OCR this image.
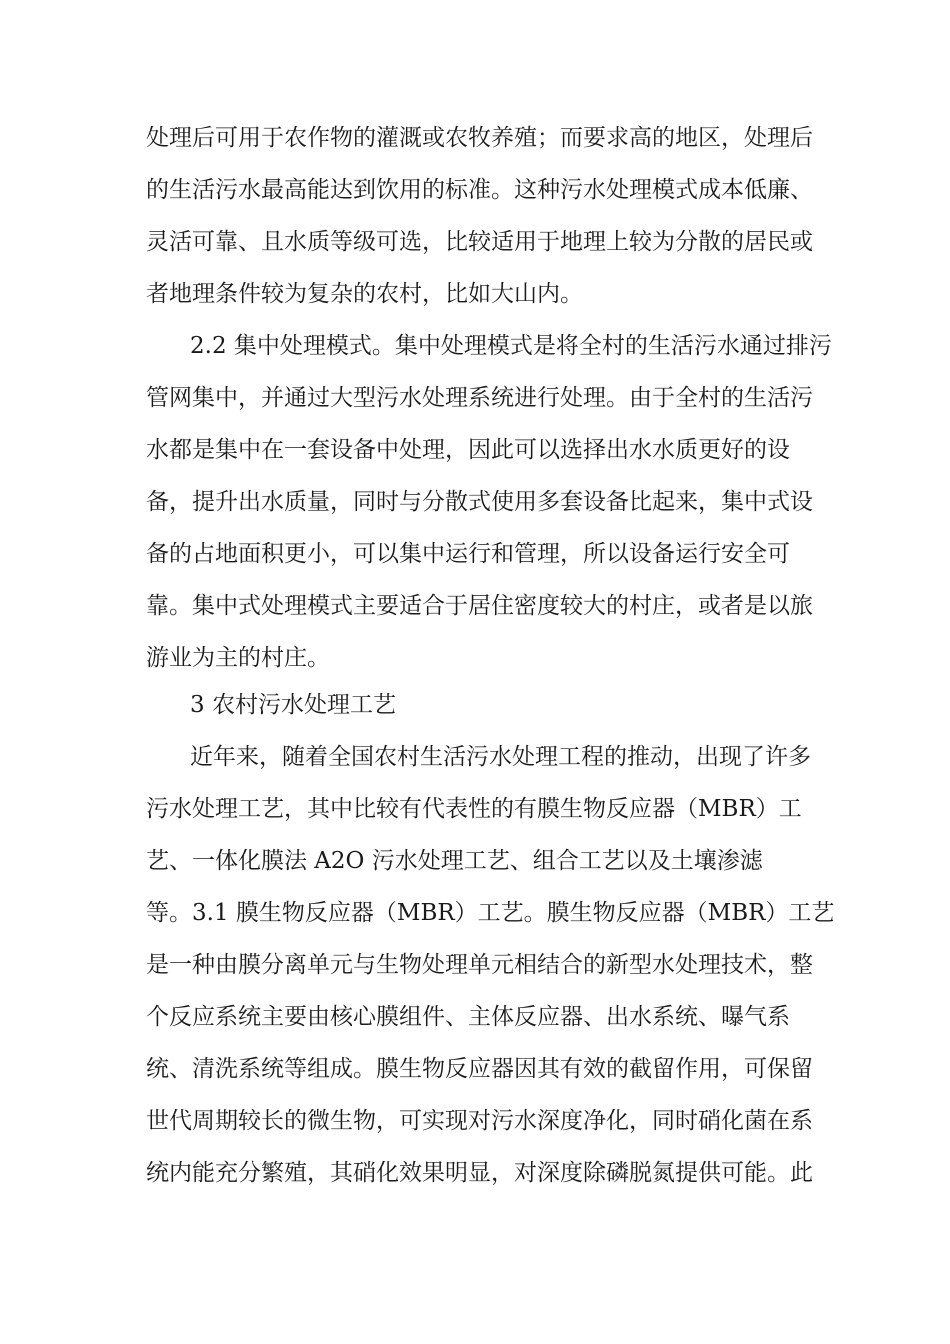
处理后可用于农作物的灌溉或农牧养殖；而要求高的地区，处理后
的生活污水最高能达到饮用的标准。这种污水处理模式成本低廉、
灵活可靠、且水质等级可选，比较适用于地理上较为分散的居民或
者地理条件较为复杂的农村，比如大山内。
2.2 集中处理模式。集中处理模式是将全村的生活污水通过排污
管网集中，并通过大型污水处理系统进行处理。由于全村的生活污
水都是集中在一套设备中处理，因此可以选择出水水质更好的设
备，提升出水质量，同时与分散式使用多套设备比起来，集中式设
备的占地面积更小，可以集中运行和管理，所以设备运行安全可
靠。集中式处理模式主要适合于居住密度较大的村庄，或者是以旅
游业为主的村庄。
3 农村污水处理工艺
近年来，随着全国农村生活污水处理工程的推动，出现了许多
污水处理工艺，其中比较有代表性的有膜生物反应器（MBR）工
艺、一体化膜法 A2O 污水处理工艺、组合工艺以及土壤渗滤
等。3.1 膜生物反应器（MBR）工艺。膜生物反应器（MBR）工艺
是一种由膜分离单元与生物处理单元相结合的新型水处理技术，整
个反应系统主要由核心膜组件、主体反应器、出水系统、曝气系
统、清洗系统等组成。膜生物反应器因其有效的截留作用，可保留
世代周期较长的微生物，可实现对污水深度净化，同时硝化菌在系
统内能充分繁殖，其硝化效果明显，对深度除磷脱氮提供可能。此
